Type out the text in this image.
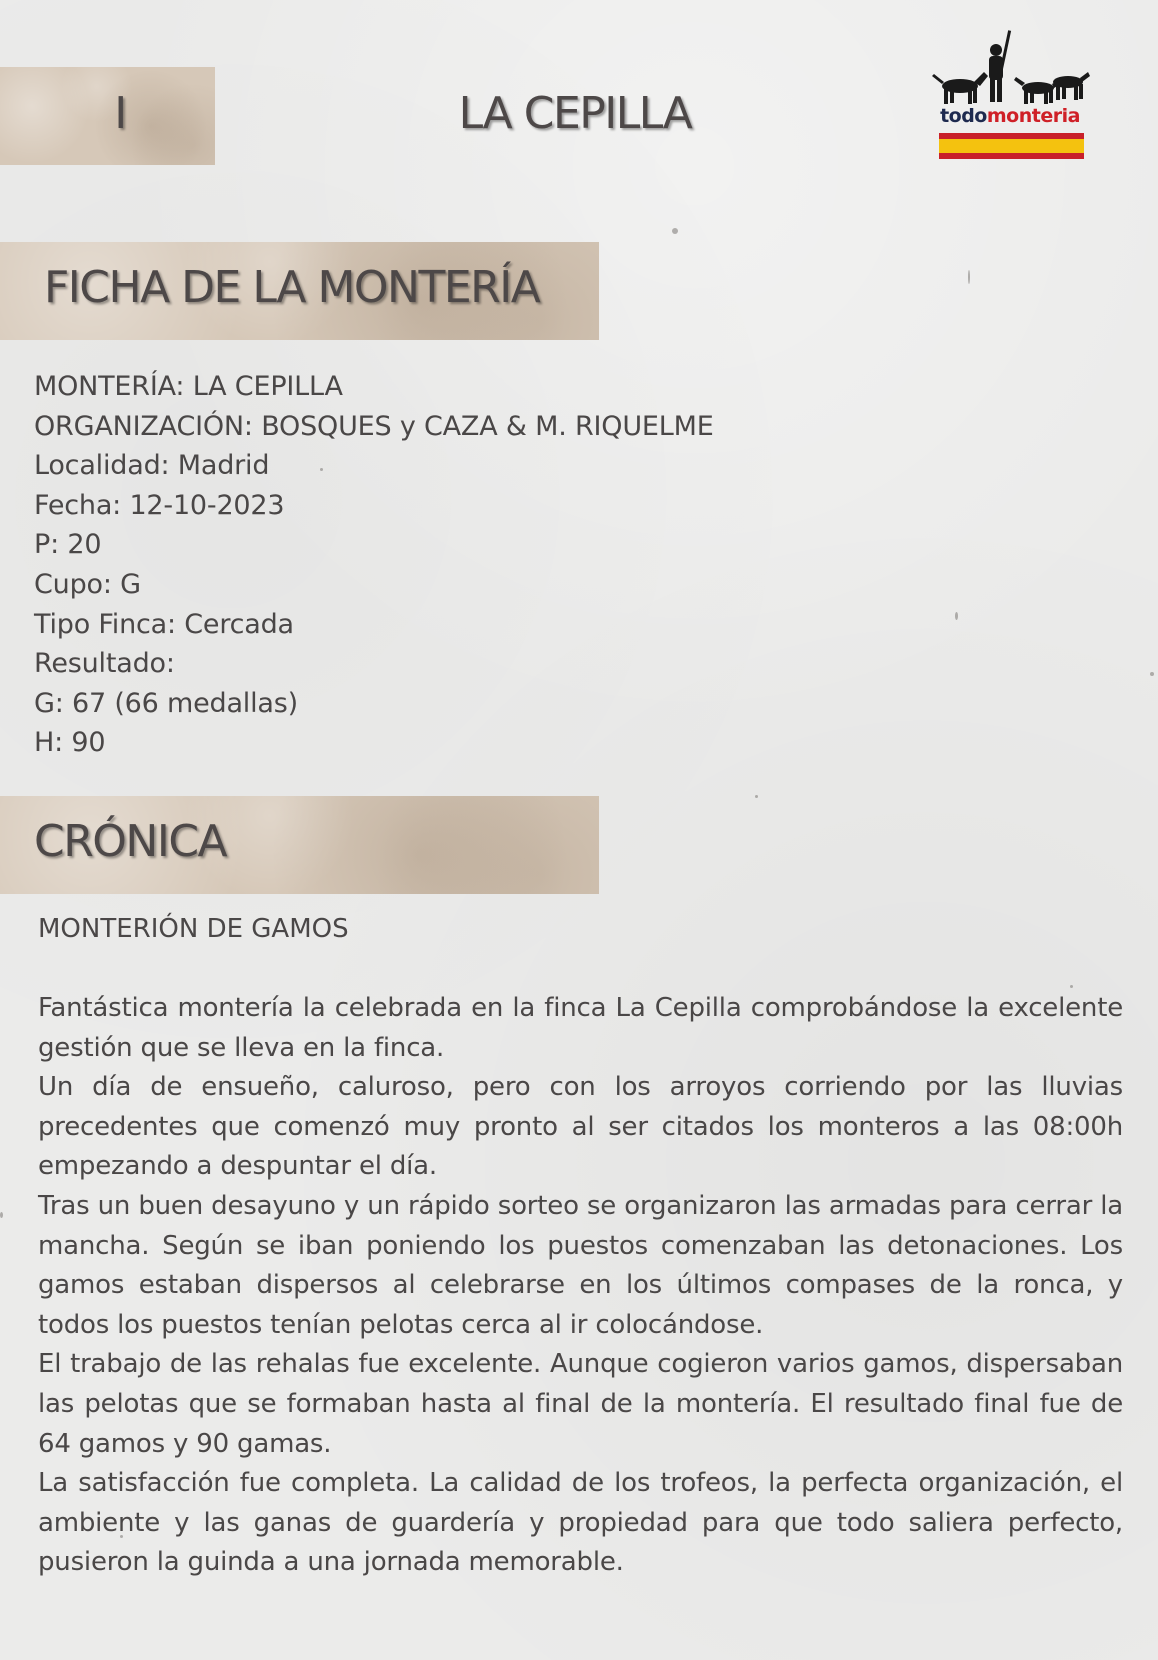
I	LA CEPILLA	todomonteria
FICHA DE LA MONTERÍA
MONTERÍA: LA CEPILLA
ORGANIZACIÓN: BOSQUES y CAZA & M. RIQUELME
Localidad: Madrid
Fecha: 12-10-2023
P: 20
Cupo: G
Tipo Finca: Cercada
Resultado:
G: 67 (66 medallas)
H: 90
CRÓNICA
MONTERIÓN DE GAMOS

Fantástica montería la celebrada en la finca La Cepilla comprobándose la excelente gestión que se lleva en la finca.

Un día de ensueño, caluroso, pero con los arroyos corriendo por las lluvias precedentes que comenzó muy pronto al ser citados los monteros a las 08:00h empezando a despuntar el día.

Tras un buen desayuno y un rápido sorteo se organizaron las armadas para cerrar la mancha. Según se iban poniendo los puestos comenzaban las detonaciones. Los gamos estaban dispersos al celebrarse en los últimos compases de la ronca, y todos los puestos tenían pelotas cerca al ir colocándose.

El trabajo de las rehalas fue excelente. Aunque cogieron varios gamos, dispersaban las pelotas que se formaban hasta al final de la montería. El resultado final fue de 64 gamos y 90 gamas.

La satisfacción fue completa. La calidad de los trofeos, la perfecta organización, el ambiente y las ganas de guardería y propiedad para que todo saliera perfecto, pusieron la guinda a una jornada memorable.
